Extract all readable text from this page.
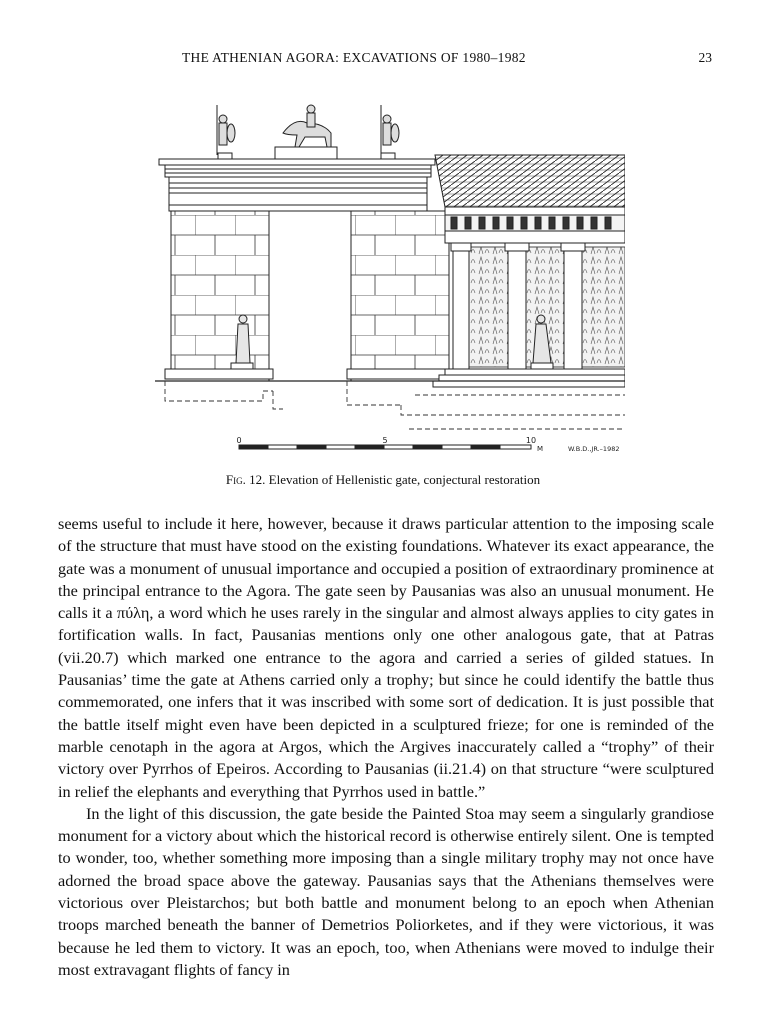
THE ATHENIAN AGORA: EXCAVATIONS OF 1980–1982	23
0	5	10
M	W.B.D.,JR.–1982
Fig. 12. Elevation of Hellenistic gate, conjectural restoration

seems useful to include it here, however, because it draws particular attention to the imposing scale of the structure that must have stood on the existing foundations. Whatever its exact appearance, the gate was a monument of unusual importance and occupied a position of extraordinary prominence at the principal entrance to the Agora. The gate seen by Pausanias was also an unusual monument. He calls it a πύλη, a word which he uses rarely in the singular and almost always applies to city gates in fortification walls. In fact, Pausanias mentions only one other analogous gate, that at Patras (vii.20.7) which marked one entrance to the agora and carried a series of gilded statues. In Pausanias’ time the gate at Athens carried only a trophy; but since he could identify the battle thus commemorated, one infers that it was inscribed with some sort of dedication. It is just possible that the battle itself might even have been depicted in a sculptured frieze; for one is reminded of the marble cenotaph in the agora at Argos, which the Argives inaccurately called a “trophy” of their victory over Pyrrhos of Epeiros. According to Pausanias (ii.21.4) on that structure “were sculptured in relief the elephants and everything that Pyrrhos used in battle.”

In the light of this discussion, the gate beside the Painted Stoa may seem a singularly grandiose monument for a victory about which the historical record is otherwise entirely silent. One is tempted to wonder, too, whether something more imposing than a single military trophy may not once have adorned the broad space above the gateway. Pausanias says that the Athenians themselves were victorious over Pleistarchos; but both battle and monument belong to an epoch when Athenian troops marched beneath the banner of Demetrios Poliorketes, and if they were victorious, it was because he led them to victory. It was an epoch, too, when Athenians were moved to indulge their most extravagant flights of fancy in
